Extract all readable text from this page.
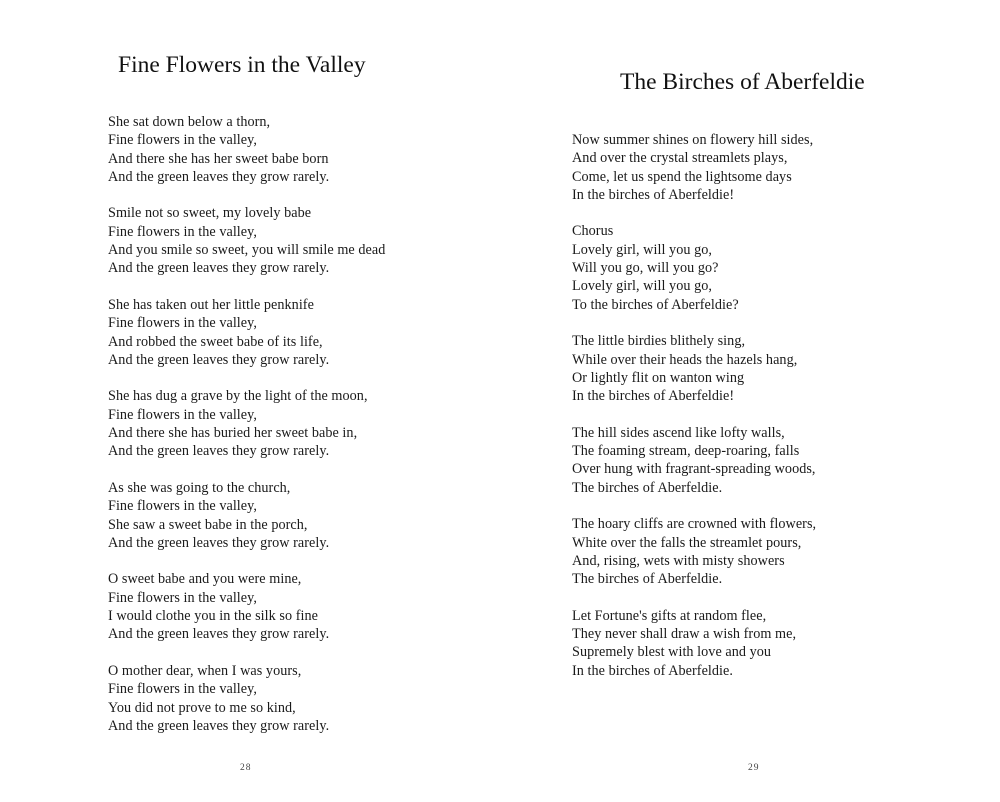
Fine Flowers in the Valley
She sat down below a thorn,
Fine flowers in the valley,
And there she has her sweet babe born
And the green leaves they grow rarely.
Smile not so sweet, my lovely babe
Fine flowers in the valley,
And you smile so sweet, you will smile me dead
And the green leaves they grow rarely.
She has taken out her little penknife
Fine flowers in the valley,
And robbed the sweet babe of its life,
And the green leaves they grow rarely.
She has dug a grave by the light of the moon,
Fine flowers in the valley,
And there she has buried her sweet babe in,
And the green leaves they grow rarely.
As she was going to the church,
Fine flowers in the valley,
She saw a sweet babe in the porch,
And the green leaves they grow rarely.
O sweet babe and you were mine,
Fine flowers in the valley,
I would clothe you in the silk so fine
And the green leaves they grow rarely.
O mother dear, when I was yours,
Fine flowers in the valley,
You did not prove to me so kind,
And the green leaves they grow rarely.
28
The Birches of Aberfeldie
Now summer shines on flowery hill sides,
And over the crystal streamlets plays,
Come, let us spend the lightsome days
In the birches of Aberfeldie!
Chorus
Lovely girl, will you go,
Will you go, will you go?
Lovely girl, will you go,
To the birches of Aberfeldie?
The little birdies blithely sing,
While over their heads the hazels hang,
Or lightly flit on wanton wing
In the birches of Aberfeldie!
The hill sides ascend like lofty walls,
The foaming stream, deep-roaring, falls
Over hung with fragrant-spreading woods,
The birches of Aberfeldie.
The hoary cliffs are crowned with flowers,
White over the falls the streamlet pours,
And, rising, wets with misty showers
The birches of Aberfeldie.
Let Fortune's gifts at random flee,
They never shall draw a wish from me,
Supremely blest with love and you
In the birches of Aberfeldie.
29
